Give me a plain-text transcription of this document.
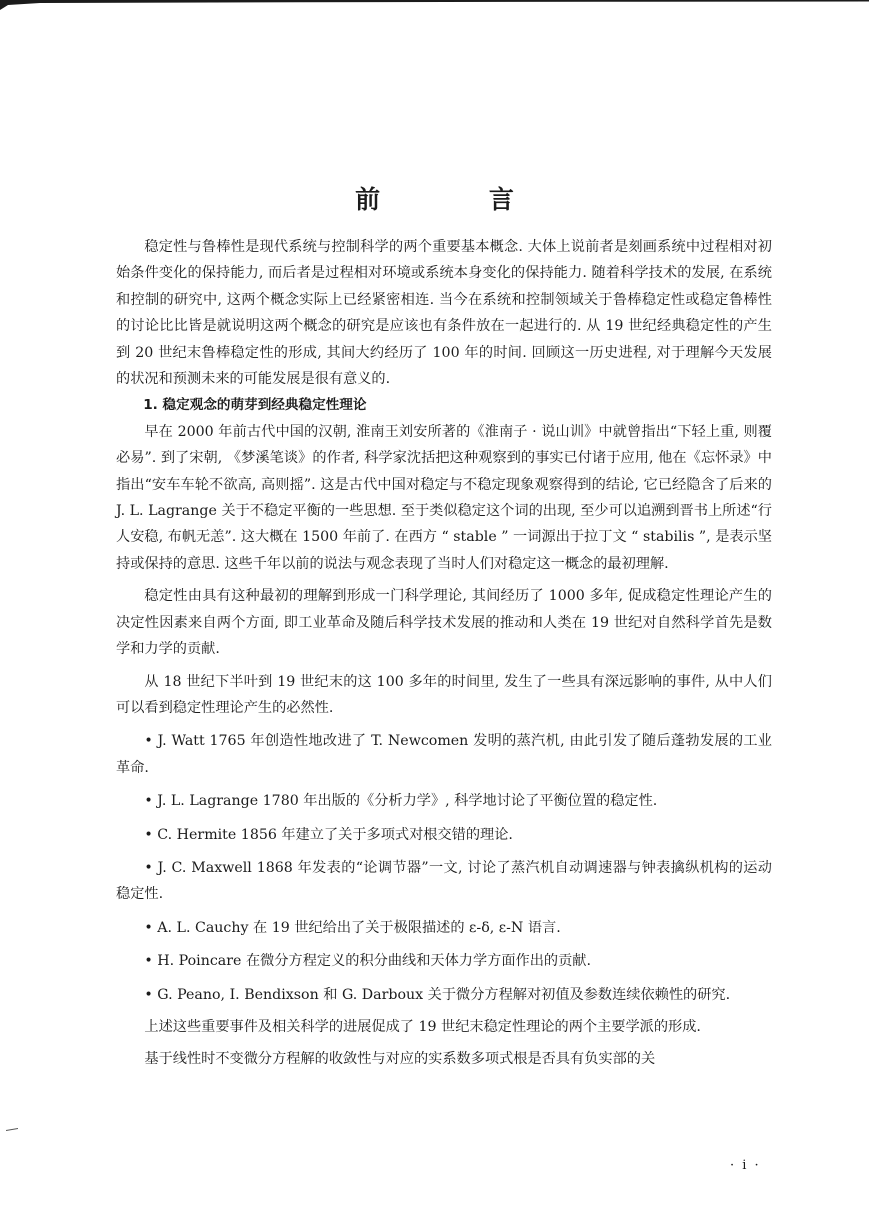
前 言

稳定性与鲁棒性是现代系统与控制科学的两个重要基本概念. 大体上说前者是刻画系统中过程相对初始条件变化的保持能力, 而后者是过程相对环境或系统本身变化的保持能力. 随着科学技术的发展, 在系统和控制的研究中, 这两个概念实际上已经紧密相连. 当今在系统和控制领域关于鲁棒稳定性或稳定鲁棒性的讨论比比皆是就说明这两个概念的研究是应该也有条件放在一起进行的. 从 19 世纪经典稳定性的产生到 20 世纪末鲁棒稳定性的形成, 其间大约经历了 100 年的时间. 回顾这一历史进程, 对于理解今天发展的状况和预测未来的可能发展是很有意义的.

1. 稳定观念的萌芽到经典稳定性理论

早在 2000 年前古代中国的汉朝, 淮南王刘安所著的《淮南子 · 说山训》中就曾指出“下轻上重, 则覆必易”. 到了宋朝, 《梦溪笔谈》的作者, 科学家沈括把这种观察到的事实已付诸于应用, 他在《忘怀录》中指出“安车车轮不欲高, 高则摇”. 这是古代中国对稳定与不稳定现象观察得到的结论, 它已经隐含了后来的 J. L. Lagrange 关于不稳定平衡的一些思想. 至于类似稳定这个词的出现, 至少可以追溯到晋书上所述“行人安稳, 布帆无恙”. 这大概在 1500 年前了. 在西方 “ stable ” 一词源出于拉丁文 “ stabilis ”, 是表示坚持或保持的意思. 这些千年以前的说法与观念表现了当时人们对稳定这一概念的最初理解.

稳定性由具有这种最初的理解到形成一门科学理论, 其间经历了 1000 多年, 促成稳定性理论产生的决定性因素来自两个方面, 即工业革命及随后科学技术发展的推动和人类在 19 世纪对自然科学首先是数学和力学的贡献.

从 18 世纪下半叶到 19 世纪末的这 100 多年的时间里, 发生了一些具有深远影响的事件, 从中人们可以看到稳定性理论产生的必然性.

• J. Watt 1765 年创造性地改进了 T. Newcomen 发明的蒸汽机, 由此引发了随后蓬勃发展的工业革命.

• J. L. Lagrange 1780 年出版的《分析力学》, 科学地讨论了平衡位置的稳定性.

• C. Hermite 1856 年建立了关于多项式对根交错的理论.

• J. C. Maxwell 1868 年发表的“论调节器”一文, 讨论了蒸汽机自动调速器与钟表擒纵机构的运动稳定性.

• A. L. Cauchy 在 19 世纪给出了关于极限描述的 ε-δ, ε-N 语言.

• H. Poincare 在微分方程定义的积分曲线和天体力学方面作出的贡献.

• G. Peano, I. Bendixson 和 G. Darboux 关于微分方程解对初值及参数连续依赖性的研究.

上述这些重要事件及相关科学的进展促成了 19 世纪末稳定性理论的两个主要学派的形成.

基于线性时不变微分方程解的收敛性与对应的实系数多项式根是否具有负实部的关

· i ·
